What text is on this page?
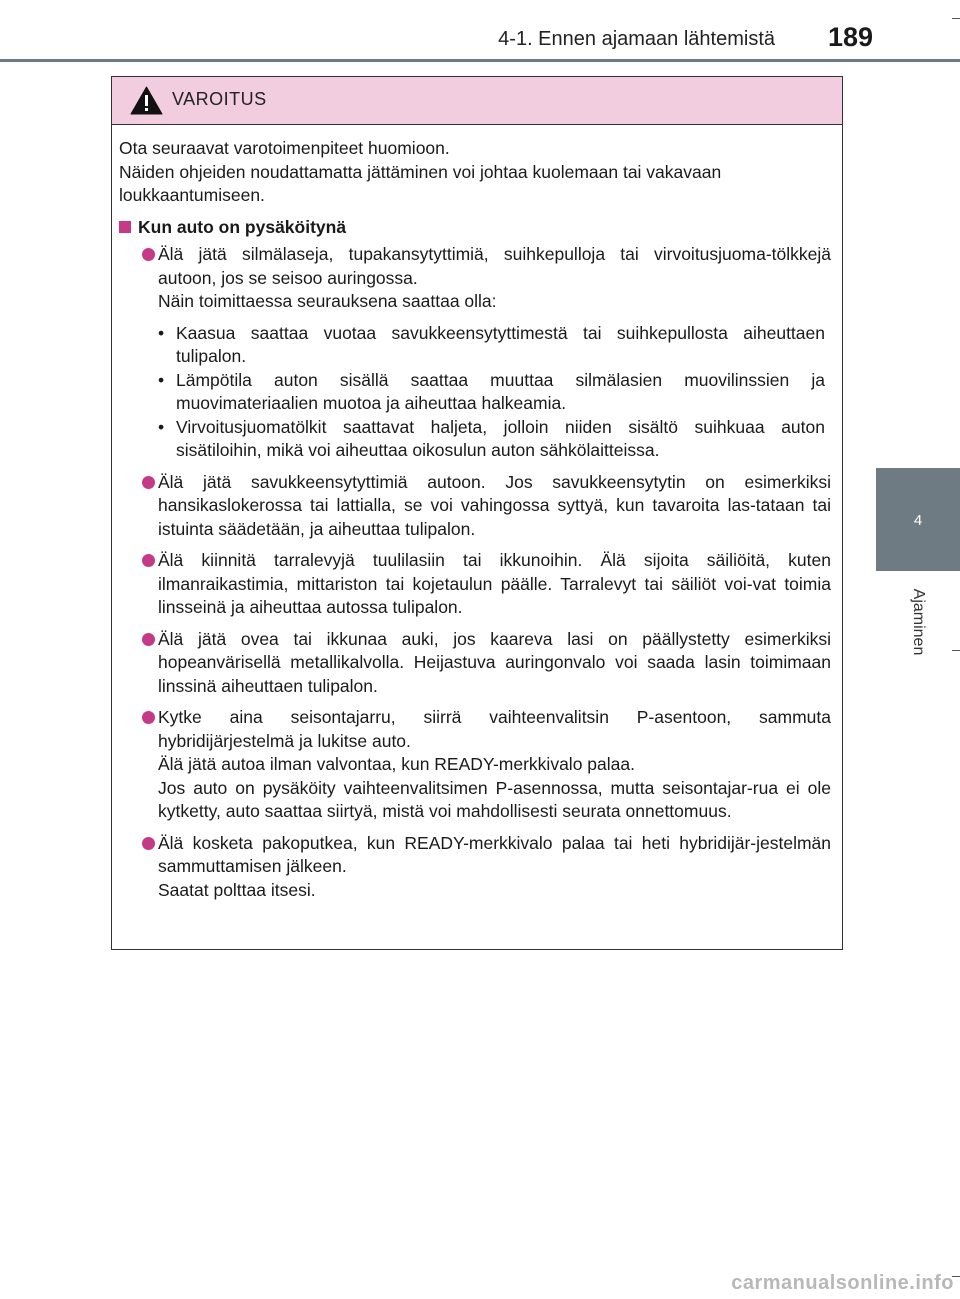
4-1. Ennen ajamaan lähtemistä 189
4
Ajaminen
VAROITUS

Ota seuraavat varotoimenpiteet huomioon.

Näiden ohjeiden noudattamatta jättäminen voi johtaa kuolemaan tai vakavaan loukkaantumiseen.

Kun auto on pysäköitynä

Älä jätä silmälaseja, tupakansytyttimiä, suihkepulloja tai virvoitusjuoma-tölkkejä autoon, jos se seisoo auringossa.

Näin toimittaessa seurauksena saattaa olla:

• Kaasua saattaa vuotaa savukkeensytyttimestä tai suihkepullosta aiheuttaen tulipalon.
• Lämpötila auton sisällä saattaa muuttaa silmälasien muovilinssien ja muovimateriaalien muotoa ja aiheuttaa halkeamia.
• Virvoitusjuomatölkit saattavat haljeta, jolloin niiden sisältö suihkuaa auton sisätiloihin, mikä voi aiheuttaa oikosulun auton sähkölaitteissa.

Älä jätä savukkeensytyttimiä autoon. Jos savukkeensytytin on esimerkiksi hansikaslokerossa tai lattialla, se voi vahingossa syttyä, kun tavaroita las-tataan tai istuinta säädetään, ja aiheuttaa tulipalon.

Älä kiinnitä tarralevyjä tuulilasiin tai ikkunoihin. Älä sijoita säiliöitä, kuten ilmanraikastimia, mittariston tai kojetaulun päälle. Tarralevyt tai säiliöt voi-vat toimia linsseinä ja aiheuttaa autossa tulipalon.

Älä jätä ovea tai ikkunaa auki, jos kaareva lasi on päällystetty esimerkiksi hopeanvärisellä metallikalvolla. Heijastuva auringonvalo voi saada lasin toimimaan linssinä aiheuttaen tulipalon.

Kytke aina seisontajarru, siirrä vaihteenvalitsin P-asentoon, sammuta hybridijärjestelmä ja lukitse auto.

Älä jätä autoa ilman valvontaa, kun READY-merkkivalo palaa.

Jos auto on pysäköity vaihteenvalitsimen P-asennossa, mutta seisontajar-rua ei ole kytketty, auto saattaa siirtyä, mistä voi mahdollisesti seurata onnettomuus.

Älä kosketa pakoputkea, kun READY-merkkivalo palaa tai heti hybridijär-jestelmän sammuttamisen jälkeen.

Saatat polttaa itsesi.

carmanualsonline.info
